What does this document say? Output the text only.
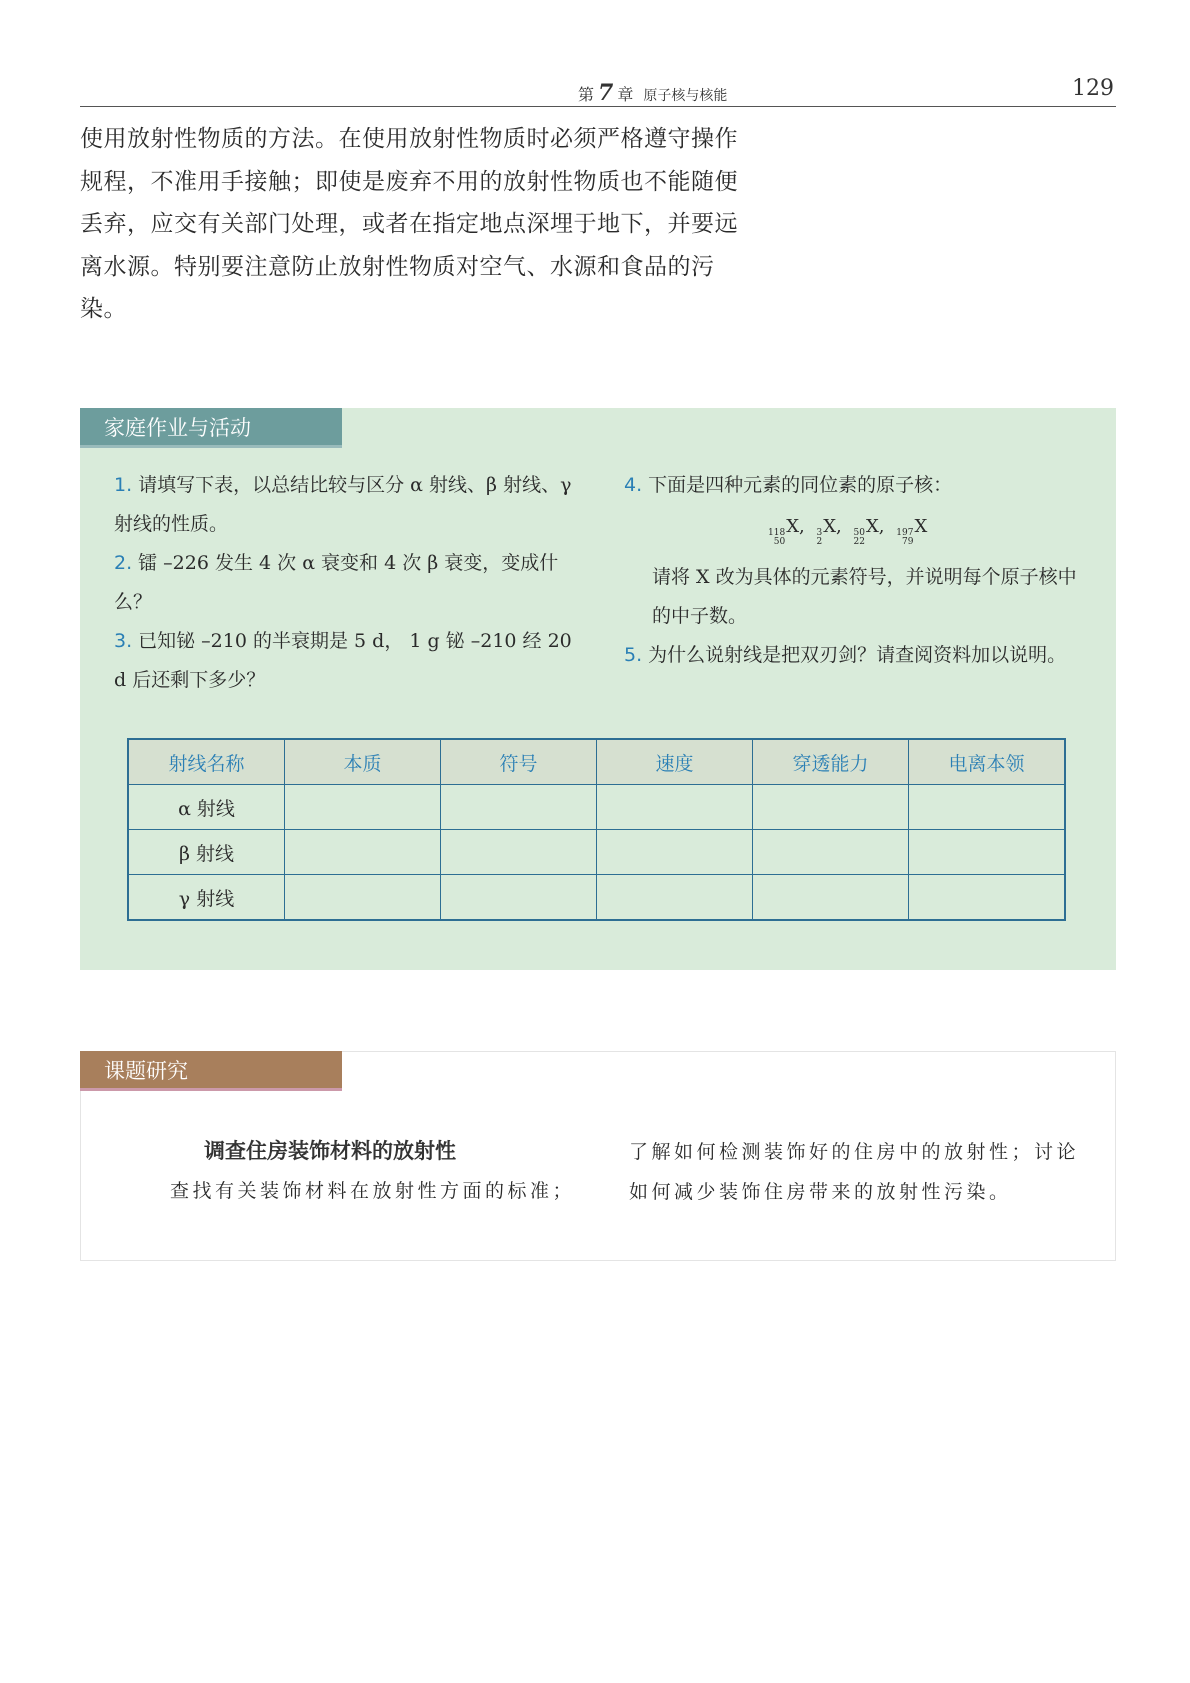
第 7 章 原子核与核能	129
使用放射性物质的方法。在使用放射性物质时必须严格遵守操作规程，不准用手接触；即使是废弃不用的放射性物质也不能随便丢弃，应交有关部门处理，或者在指定地点深埋于地下，并要远离水源。特别要注意防止放射性物质对空气、水源和食品的污染。
家庭作业与活动
1. 请填写下表，以总结比较与区分 α 射线、β 射线、γ 射线的性质。
2. 镭 –226 发生 4 次 α 衰变和 4 次 β 衰变，变成什么？
3. 已知铋 –210 的半衰期是 5 d， 1 g 铋 –210 经 20 d 后还剩下多少？
4. 下面是四种元素的同位素的原子核：
118
50
X, 3
2
X, 50
22
X, 197
79
X
请将 X 改为具体的元素符号，并说明每个原子核中的中子数。
5. 为什么说射线是把双刃剑？请查阅资料加以说明。
射线名称	本质	符号	速度	穿透能力	电离本领
α 射线					
β 射线					
γ 射线					
课题研究
调查住房装饰材料的放射性
查找有关装饰材料在放射性方面的标准；
了解如何检测装饰好的住房中的放射性；讨论
如何减少装饰住房带来的放射性污染。
